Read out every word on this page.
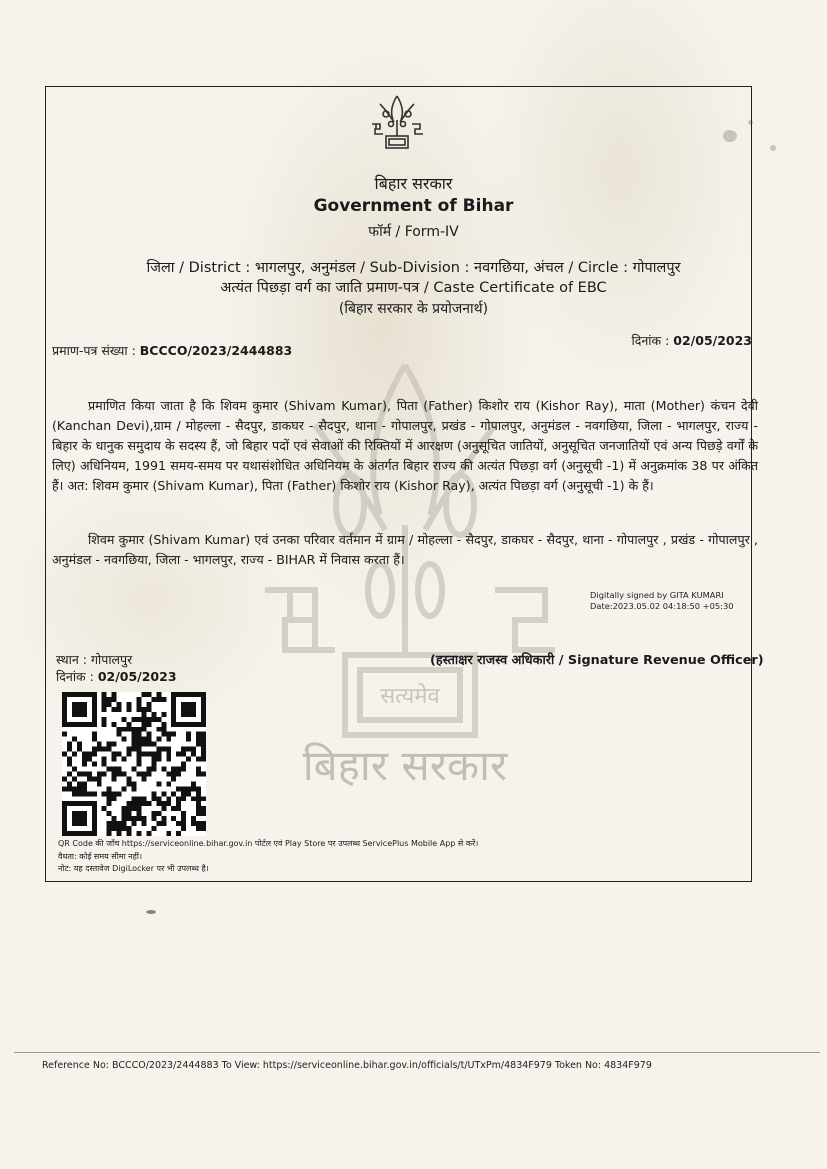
सत्यमेव
बिहार सरकार
बिहार सरकार
Government of Bihar
फॉर्म / Form-IV
जिला / District : भागलपुर, अनुमंडल / Sub-Division : नवगछिया, अंचल / Circle : गोपालपुर
अत्यंत पिछड़ा वर्ग का जाति प्रमाण-पत्र / Caste Certificate of EBC
(बिहार सरकार के प्रयोजनार्थ)
प्रमाण-पत्र संख्या : BCCCO/2023/2444883
दिनांक : 02/05/2023
प्रमाणित किया जाता है कि शिवम कुमार (Shivam Kumar), पिता (Father) किशोर राय (Kishor Ray), माता (Mother) कंचन देवी (Kanchan Devi),ग्राम / मोहल्ला - सैदपुर, डाकघर - सैदपुर, थाना - गोपालपुर, प्रखंड - गोपालपुर, अनुमंडल - नवगछिया, जिला - भागलपुर, राज्य - बिहार के धानुक समुदाय के सदस्य हैं, जो बिहार पदों एवं सेवाओं की रिक्तियों में आरक्षण (अनुसूचित जातियों, अनुसूचित जनजातियों एवं अन्य पिछड़े वर्गों के लिए) अधिनियम, 1991 समय-समय पर यथासंशोधित अधिनियम के अंतर्गत बिहार राज्य की अत्यंत पिछड़ा वर्ग (अनुसूची -1) में अनुक्रमांक 38 पर अंकित हैं। अत: शिवम कुमार (Shivam Kumar), पिता (Father) किशोर राय (Kishor Ray), अत्यंत पिछड़ा वर्ग (अनुसूची -1) के हैं।
शिवम कुमार (Shivam Kumar) एवं उनका परिवार वर्तमान में ग्राम / मोहल्ला - सैदपुर, डाकघर - सैदपुर, थाना - गोपालपुर , प्रखंड - गोपालपुर , अनुमंडल - नवगछिया, जिला - भागलपुर, राज्य - BIHAR में निवास करता हैं।
Digitally signed by GITA KUMARI
Date:2023.05.02 04:18:50 +05:30
स्थान : गोपालपुर
दिनांक : 02/05/2023
(हस्ताक्षर राजस्व अधिकारी / Signature Revenue Officer)
QR Code की जाँच https://serviceonline.bihar.gov.in पोर्टल एवं Play Store पर उपलब्ध ServicePlus Mobile App से करें।
वैधता: कोई समय सीमा नहीं।
नोट: यह दस्तावेज DigiLocker पर भी उपलब्ध है।
Reference No: BCCCO/2023/2444883 To View: https://serviceonline.bihar.gov.in/officials/t/UTxPm/4834F979 Token No: 4834F979
